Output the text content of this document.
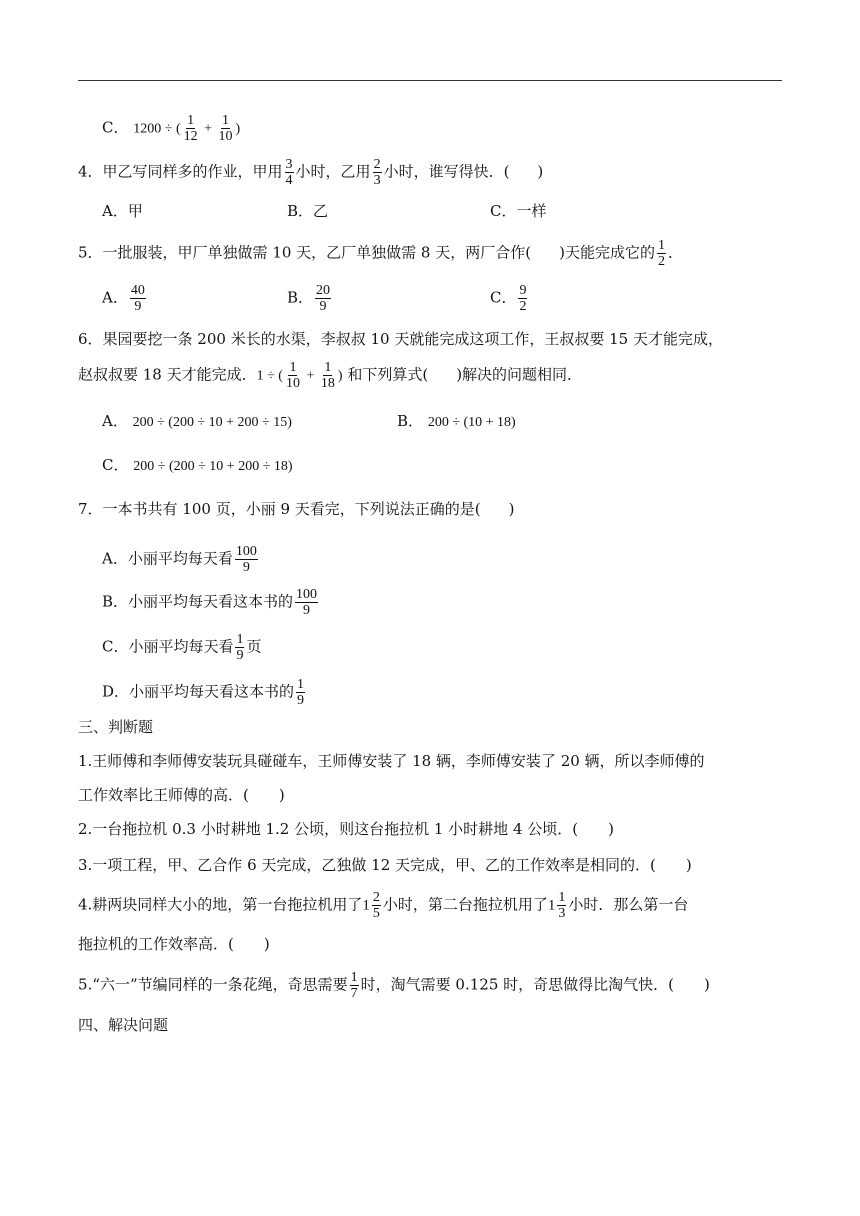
C． 1200 ÷ ( $\frac{1}{12} + \frac{1}{10}$ )
4．甲乙写同样多的作业，甲用 $\frac{3}{4}$ 小时，乙用 $\frac{2}{3}$ 小时，谁写得快．( )
A．甲	B．乙	C．一样
5．一批服装，甲厂单独做需 10 天，乙厂单独做需 8 天，两厂合作( )天能完成它的 $\frac{1}{2}$ ．
A． $\frac{40}{9}$	B． $\frac{20}{9}$	C． $\frac{9}{2}$
6．果园要挖一条 200 米长的水渠，李叔叔 10 天就能完成这项工作，王叔叔要 15 天才能完成，
赵叔叔要 18 天才能完成．1 ÷ ( $\frac{1}{10} + \frac{1}{18}$ ) 和下列算式( )解决的问题相同．
A． 200 ÷ (200 ÷ 10 + 200 ÷ 15)	B． 200 ÷ (10 + 18)
C． 200 ÷ (200 ÷ 10 + 200 ÷ 18)
7．一本书共有 100 页，小丽 9 天看完，下列说法正确的是( )
A．小丽平均每天看 $\frac{100}{9}$
B．小丽平均每天看这本书的 $\frac{100}{9}$
C．小丽平均每天看 $\frac{1}{9}$ 页
D．小丽平均每天看这本书的 $\frac{1}{9}$
三、判断题
1.王师傅和李师傅安装玩具碰碰车，王师傅安装了 18 辆，李师傅安装了 20 辆，所以李师傅的
工作效率比王师傅的高．(　　)
2.一台拖拉机 0.3 小时耕地 1.2 公顷，则这台拖拉机 1 小时耕地 4 公顷．(　　)
3.一项工程，甲、乙合作 6 天完成，乙独做 12 天完成，甲、乙的工作效率是相同的．(　　)
4.耕两块同样大小的地，第一台拖拉机用了$1 \frac{2}{5}$ 小时，第二台拖拉机用了$1 \frac{1}{3}$ 小时．那么第一台
拖拉机的工作效率高．(　　)
5.“六一”节编同样的一条花绳，奇思需要 $\frac{1}{7}$ 时，淘气需要 0.125 时，奇思做得比淘气快．(　　)
四、解决问题
